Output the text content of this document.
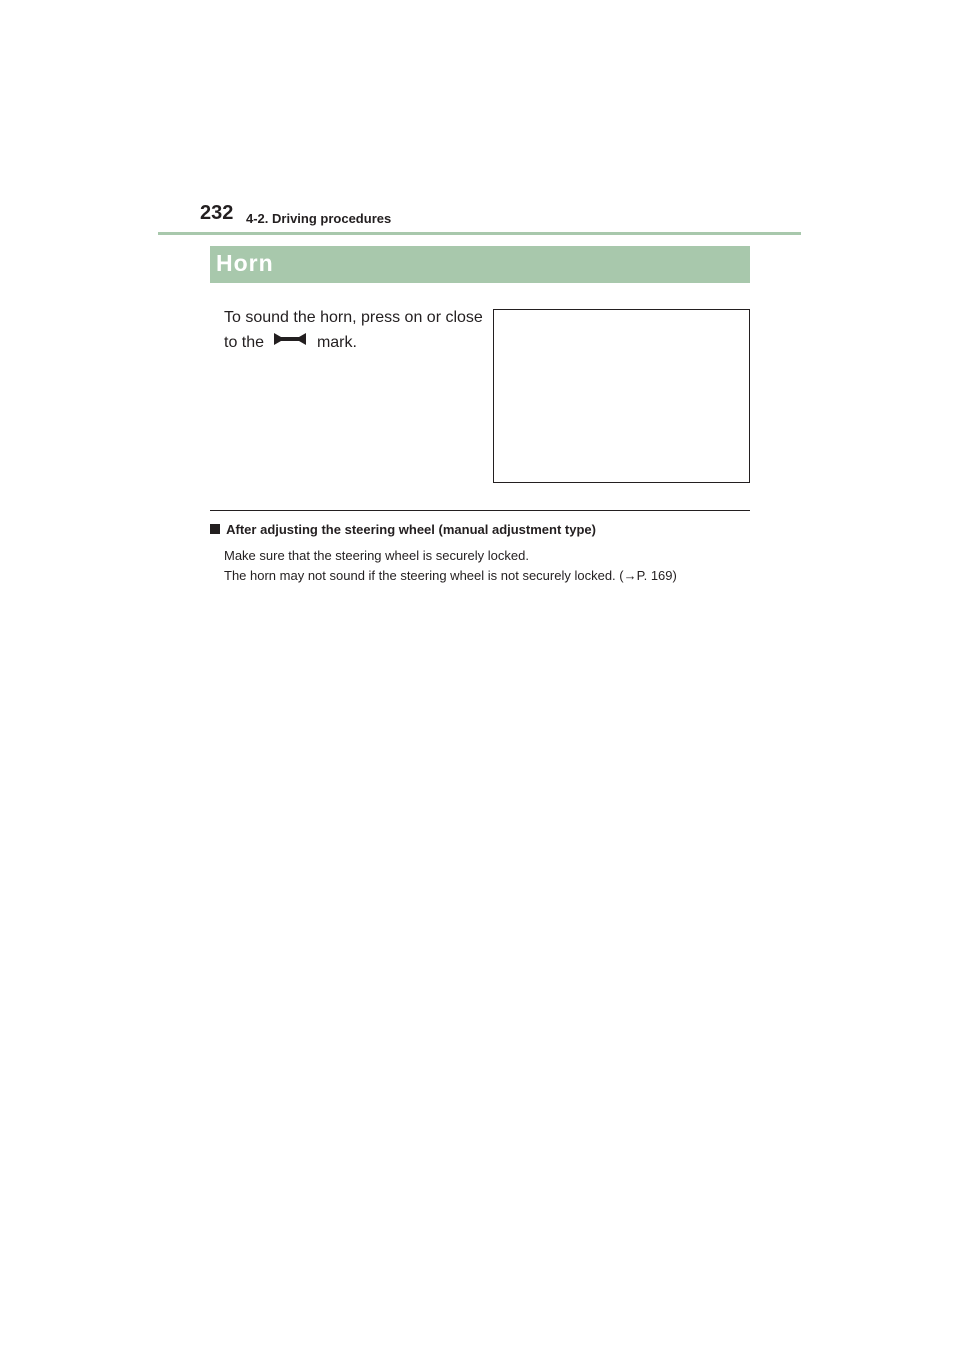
232 4-2. Driving procedures
Horn
To sound the horn, press on or close to the	mark.
After adjusting the steering wheel (manual adjustment type)
Make sure that the steering wheel is securely locked.
The horn may not sound if the steering wheel is not securely locked. (→P. 169)
